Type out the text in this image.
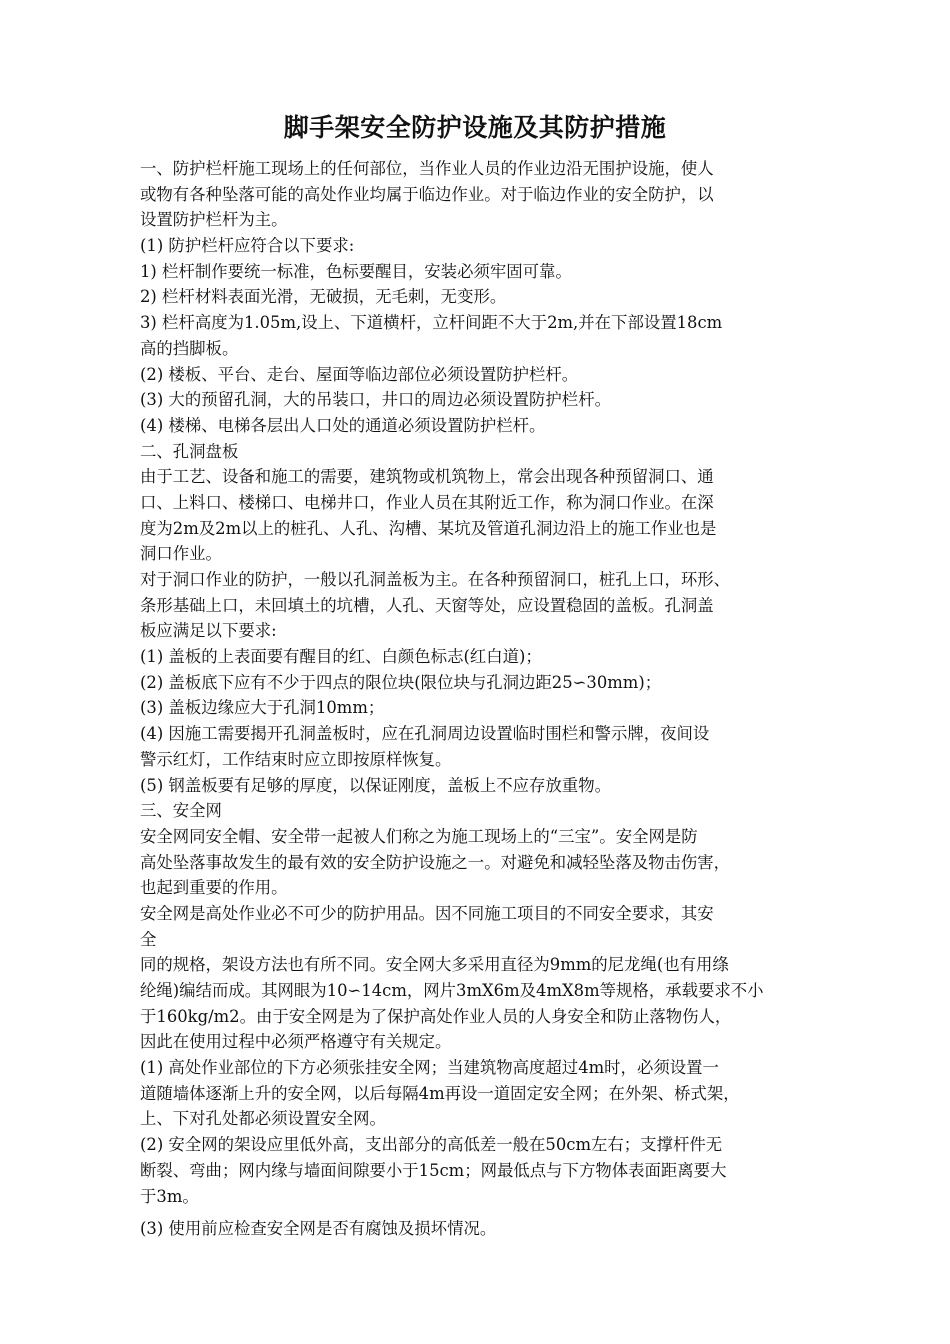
脚手架安全防护设施及其防护措施

一、防护栏杆施工现场上的任何部位，当作业人员的作业边沿无围护设施，使人

或物有各种坠落可能的高处作业均属于临边作业。对于临边作业的安全防护，以

设置防护栏杆为主。

(1) 防护栏杆应符合以下要求:

1) 栏杆制作要统一标准，色标要醒目，安装必须牢固可靠。

2) 栏杆材料表面光滑，无破损，无毛刺，无变形。

3) 栏杆高度为1.05m,设上、下道横杆，立杆间距不大于2m,并在下部设置18cm

高的挡脚板。

(2) 楼板、平台、走台、屋面等临边部位必须设置防护栏杆。

(3) 大的预留孔洞，大的吊装口，井口的周边必须设置防护栏杆。

(4) 楼梯、电梯各层出人口处的通道必须设置防护栏杆。

二、孔洞盘板

由于工艺、设备和施工的需要，建筑物或机筑物上，常会出现各种预留洞口、通

口、上料口、楼梯口、电梯井口，作业人员在其附近工作，称为洞口作业。在深

度为2m及2m以上的桩孔、人孔、沟槽、某坑及管道孔洞边沿上的施工作业也是

洞口作业。

对于洞口作业的防护，一般以孔洞盖板为主。在各种预留洞口，桩孔上口，环形、

条形基础上口，未回填土的坑槽，人孔、天窗等处，应设置稳固的盖板。孔洞盖

板应满足以下要求:

(1) 盖板的上表面要有醒目的红、白颜色标志(红白道)；

(2) 盖板底下应有不少于四点的限位块(限位块与孔洞边距25∽30mm)；

(3) 盖板边缘应大于孔洞10mm；

(4) 因施工需要揭开孔洞盖板时，应在孔洞周边设置临时围栏和警示牌，夜间设

警示红灯，工作结束时应立即按原样恢复。

(5) 钢盖板要有足够的厚度，以保证刚度，盖板上不应存放重物。

三、安全网

安全网同安全帽、安全带一起被人们称之为施工现场上的“三宝”。安全网是防

高处坠落事故发生的最有效的安全防护设施之一。对避免和减轻坠落及物击伤害，

也起到重要的作用。

安全网是高处作业必不可少的防护用品。因不同施工项目的不同安全要求，其安

全

同的规格，架设方法也有所不同。安全网大多采用直径为9mm的尼龙绳(也有用绦

纶绳)编结而成。其网眼为10∽14cm，网片3mX6m及4mX8m等规格，承载要求不小

于160kg/m2。由于安全网是为了保护高处作业人员的人身安全和防止落物伤人，

因此在使用过程中必须严格遵守有关规定。

(1) 高处作业部位的下方必须张挂安全网；当建筑物高度超过4m时，必须设置一

道随墙体逐渐上升的安全网，以后每隔4m再设一道固定安全网；在外架、桥式架，

上、下对孔处都必须设置安全网。

(2) 安全网的架设应里低外高，支出部分的高低差一般在50cm左右；支撑杆件无

断裂、弯曲；网内缘与墙面间隙要小于15cm；网最低点与下方物体表面距离要大

于3m。

(3) 使用前应检查安全网是否有腐蚀及损坏情况。
